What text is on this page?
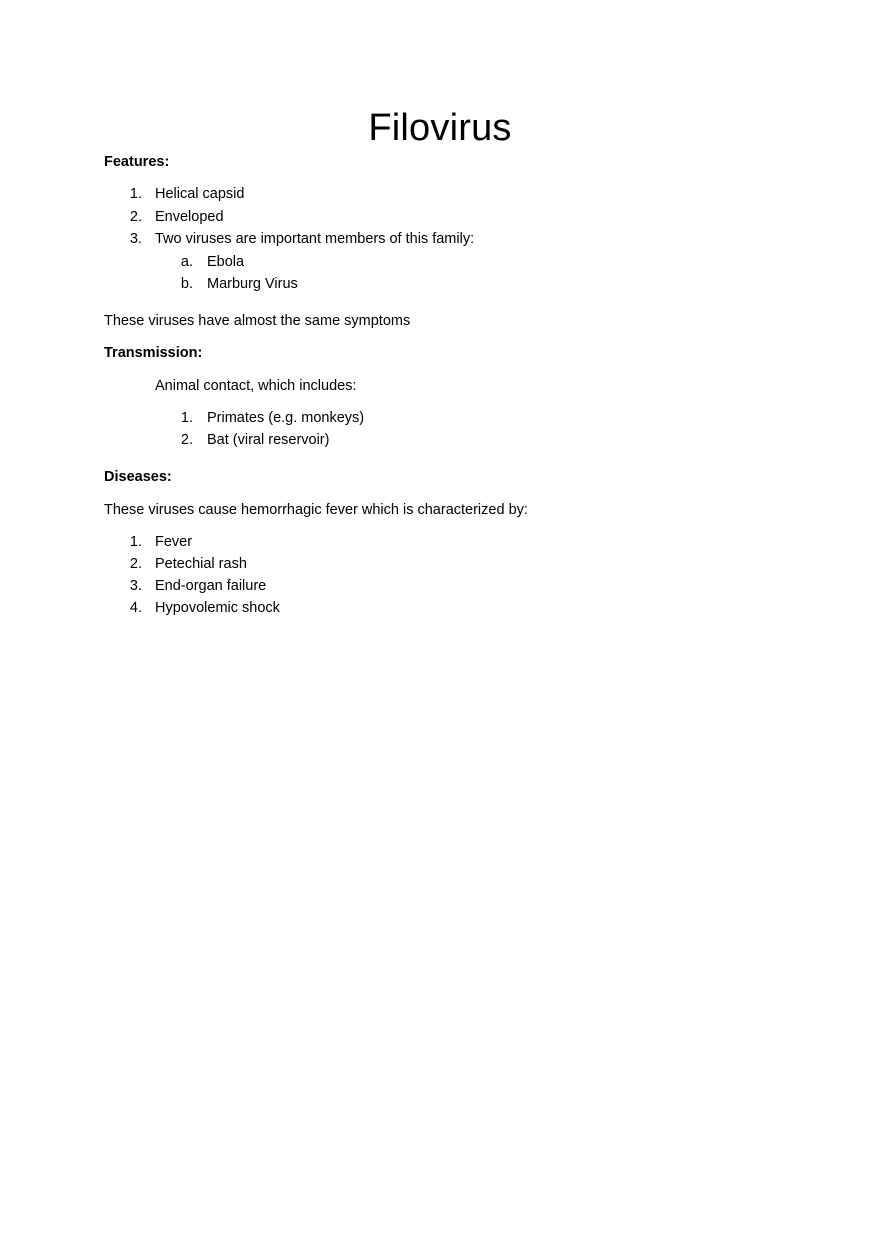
Filovirus

Features:

1. Helical capsid
2. Enveloped
3. Two viruses are important members of this family:
a. Ebola
b. Marburg Virus

These viruses have almost the same symptoms

Transmission:

Animal contact, which includes:

1. Primates (e.g. monkeys)
2. Bat (viral reservoir)

Diseases:

These viruses cause hemorrhagic fever which is characterized by:

1. Fever
2. Petechial rash
3. End-organ failure
4. Hypovolemic shock
